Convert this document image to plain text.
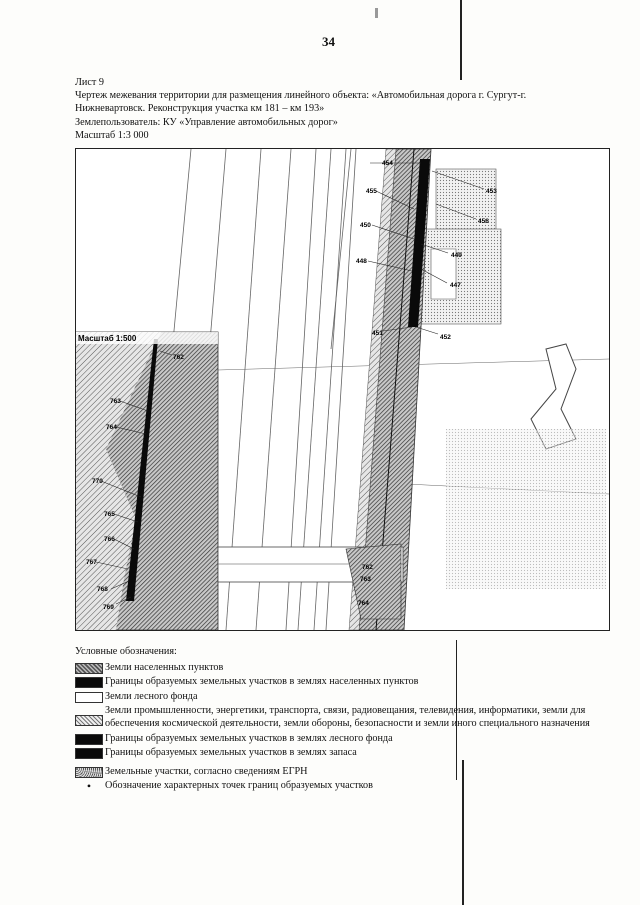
34
Лист 9
Чертеж межевания территории для размещения линейного объекта: «Автомобильная дорога г. Сургут-г. Нижневартовск. Реконструкция участка км 181 – км 193»
Землепользователь: КУ «Управление автомобильных дорог»
Масштаб 1:3 000
Масштаб 1:500
454
455	453
456
450
448
449
447
451
452
762
763
764
770
765
766
767
768
769
762
763
764
Условные обозначения:
Земли населенных пунктов
Границы образуемых земельных участков в землях населенных пунктов
Земли лесного фонда
Земли промышленности, энергетики, транспорта, связи, радиовещания, телевидения, информатики, земли для обеспечения космической деятельности, земли обороны, безопасности и земли иного специального назначения
Границы образуемых земельных участков в землях лесного фонда
Границы образуемых земельных участков в землях запаса
Земельные участки, согласно сведениям ЕГРН
•	Обозначение характерных точек границ образуемых участков
